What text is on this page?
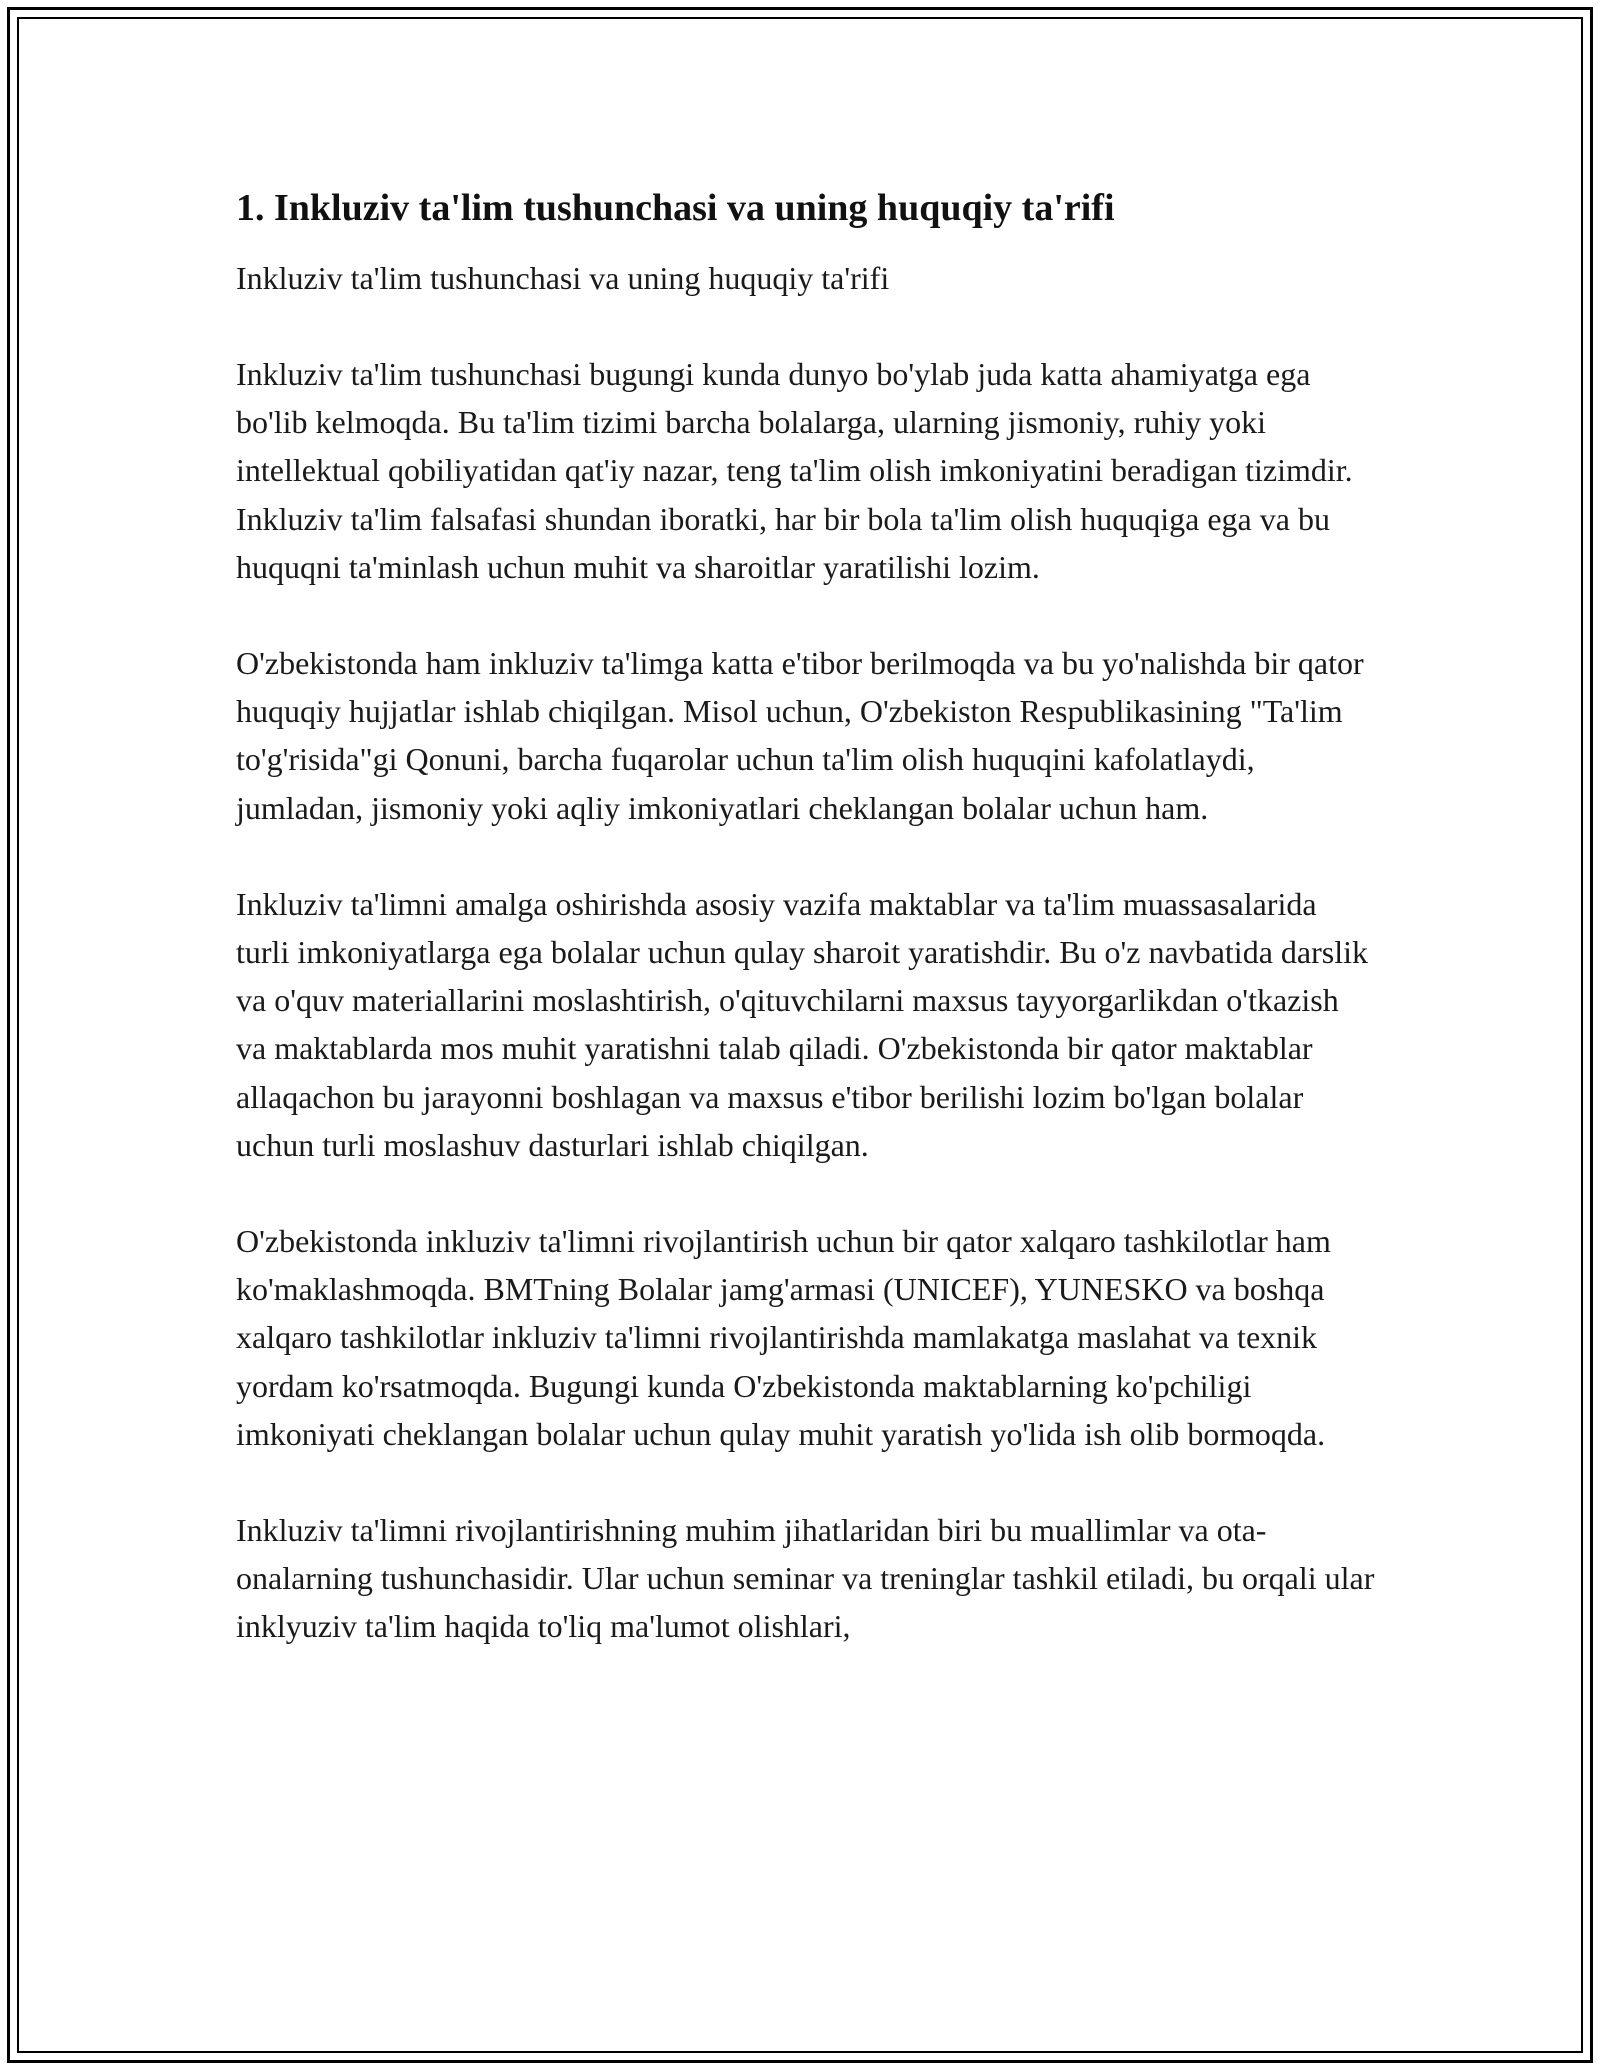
1. Inkluziv ta'lim tushunchasi va uning huquqiy ta'rifi

Inkluziv ta'lim tushunchasi va uning huquqiy ta'rifi

Inkluziv ta'lim tushunchasi bugungi kunda dunyo bo'ylab juda katta ahamiyatga ega bo'lib kelmoqda. Bu ta'lim tizimi barcha bolalarga, ularning jismoniy, ruhiy yoki intellektual qobiliyatidan qat'iy nazar, teng ta'lim olish imkoniyatini beradigan tizimdir. Inkluziv ta'lim falsafasi shundan iboratki, har bir bola ta'lim olish huquqiga ega va bu huquqni ta'minlash uchun muhit va sharoitlar yaratilishi lozim.

O'zbekistonda ham inkluziv ta'limga katta e'tibor berilmoqda va bu yo'nalishda bir qator huquqiy hujjatlar ishlab chiqilgan. Misol uchun, O'zbekiston Respublikasining "Ta'lim to'g'risida"gi Qonuni, barcha fuqarolar uchun ta'lim olish huquqini kafolatlaydi, jumladan, jismoniy yoki aqliy imkoniyatlari cheklangan bolalar uchun ham.

Inkluziv ta'limni amalga oshirishda asosiy vazifa maktablar va ta'lim muassasalarida turli imkoniyatlarga ega bolalar uchun qulay sharoit yaratishdir. Bu o'z navbatida darslik va o'quv materiallarini moslashtirish, o'qituvchilarni maxsus tayyorgarlikdan o'tkazish va maktablarda mos muhit yaratishni talab qiladi. O'zbekistonda bir qator maktablar allaqachon bu jarayonni boshlagan va maxsus e'tibor berilishi lozim bo'lgan bolalar uchun turli moslashuv dasturlari ishlab chiqilgan.

O'zbekistonda inkluziv ta'limni rivojlantirish uchun bir qator xalqaro tashkilotlar ham ko'maklashmoqda. BMTning Bolalar jamg'armasi (UNICEF), YUNESKO va boshqa xalqaro tashkilotlar inkluziv ta'limni rivojlantirishda mamlakatga maslahat va texnik yordam ko'rsatmoqda. Bugungi kunda O'zbekistonda maktablarning ko'pchiligi imkoniyati cheklangan bolalar uchun qulay muhit yaratish yo'lida ish olib bormoqda.

Inkluziv ta'limni rivojlantirishning muhim jihatlaridan biri bu muallimlar va ota-onalarning tushunchasidir. Ular uchun seminar va treninglar tashkil etiladi, bu orqali ular inklyuziv ta'lim haqida to'liq ma'lumot olishlari,
